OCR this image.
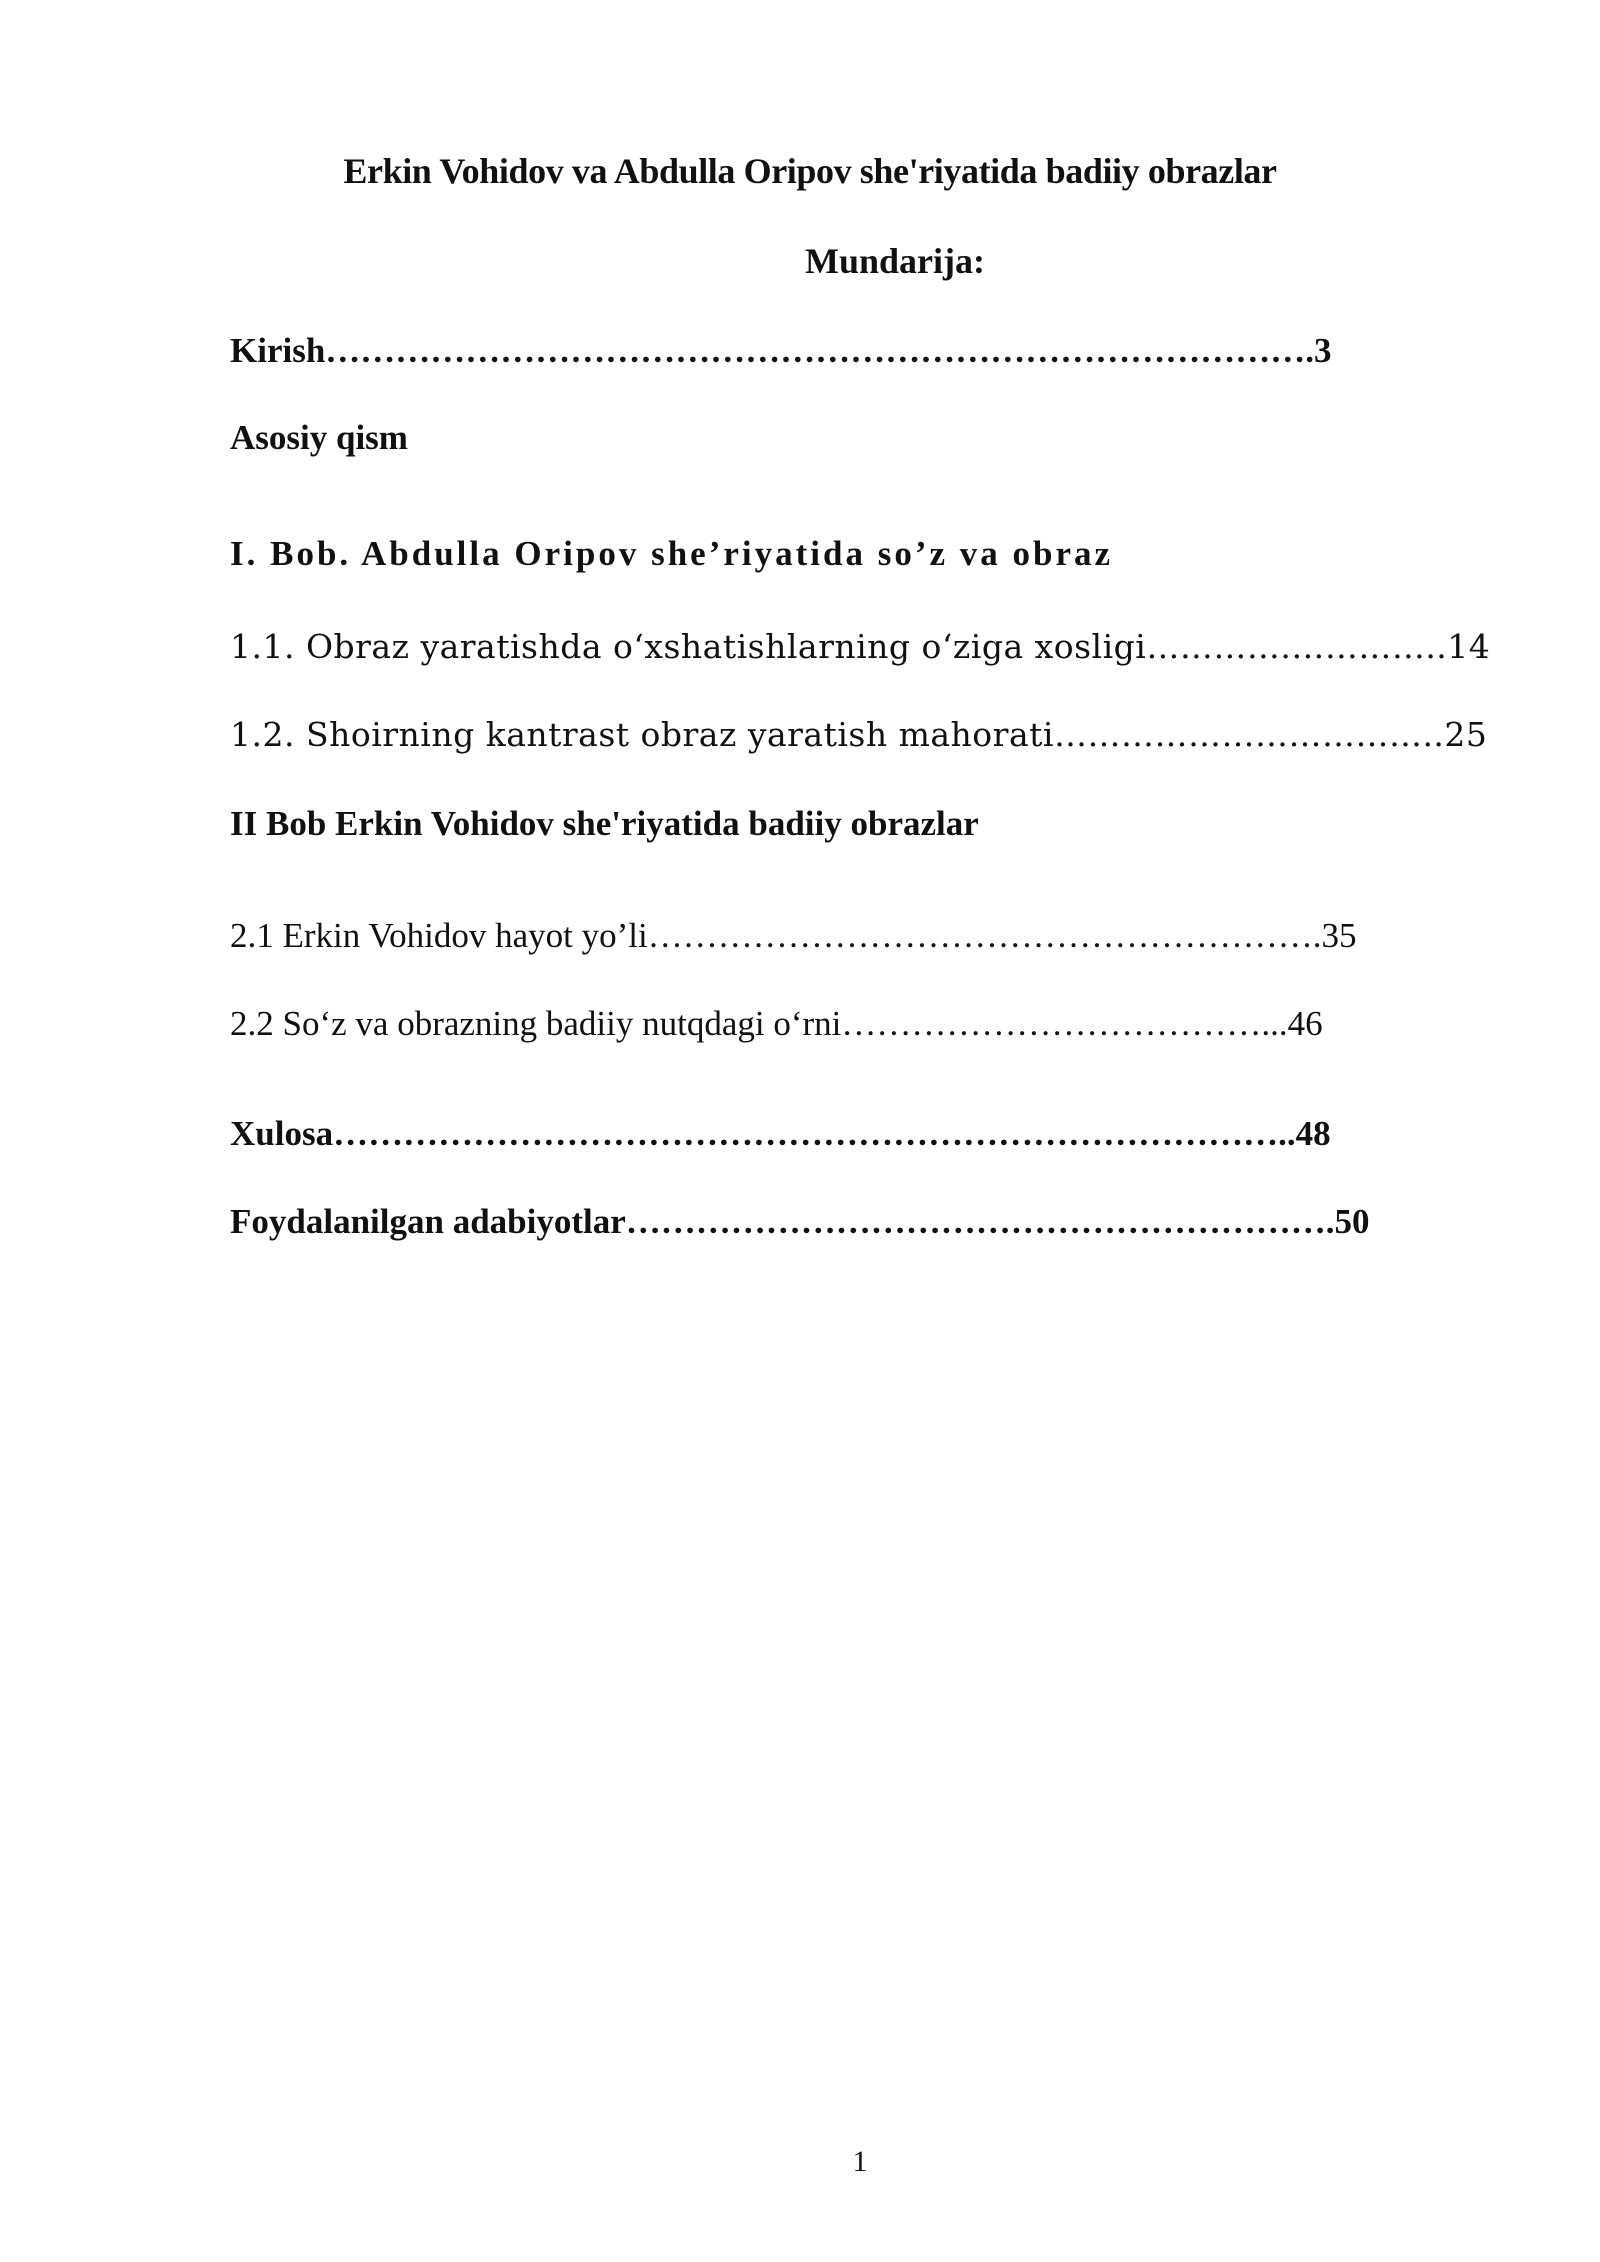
Erkin Vohidov va Abdulla Oripov she'riyatida badiiy obrazlar
Mundarija:
Kirish………………………………………………………………………….3
Asosiy qism
I. Bob. Abdulla Oripov she’riyatida so’z va obraz
1.1. Obraz yaratishda o‘xshatishlarning o‘ziga xosligi………….…………..14
1.2. Shoirning kantrast obraz yaratish mahorati……………………………..25
II Bob Erkin Vohidov she'riyatida badiiy obrazlar
2.1 Erkin Vohidov hayot yo’li………………………………………………….35
2.2 So‘z va obrazning badiiy nutqdagi o‘rni………………………………...46
Xulosa………………………………………………………………………..48
Foydalanilgan adabiyotlar…………………………………………………….50
1
